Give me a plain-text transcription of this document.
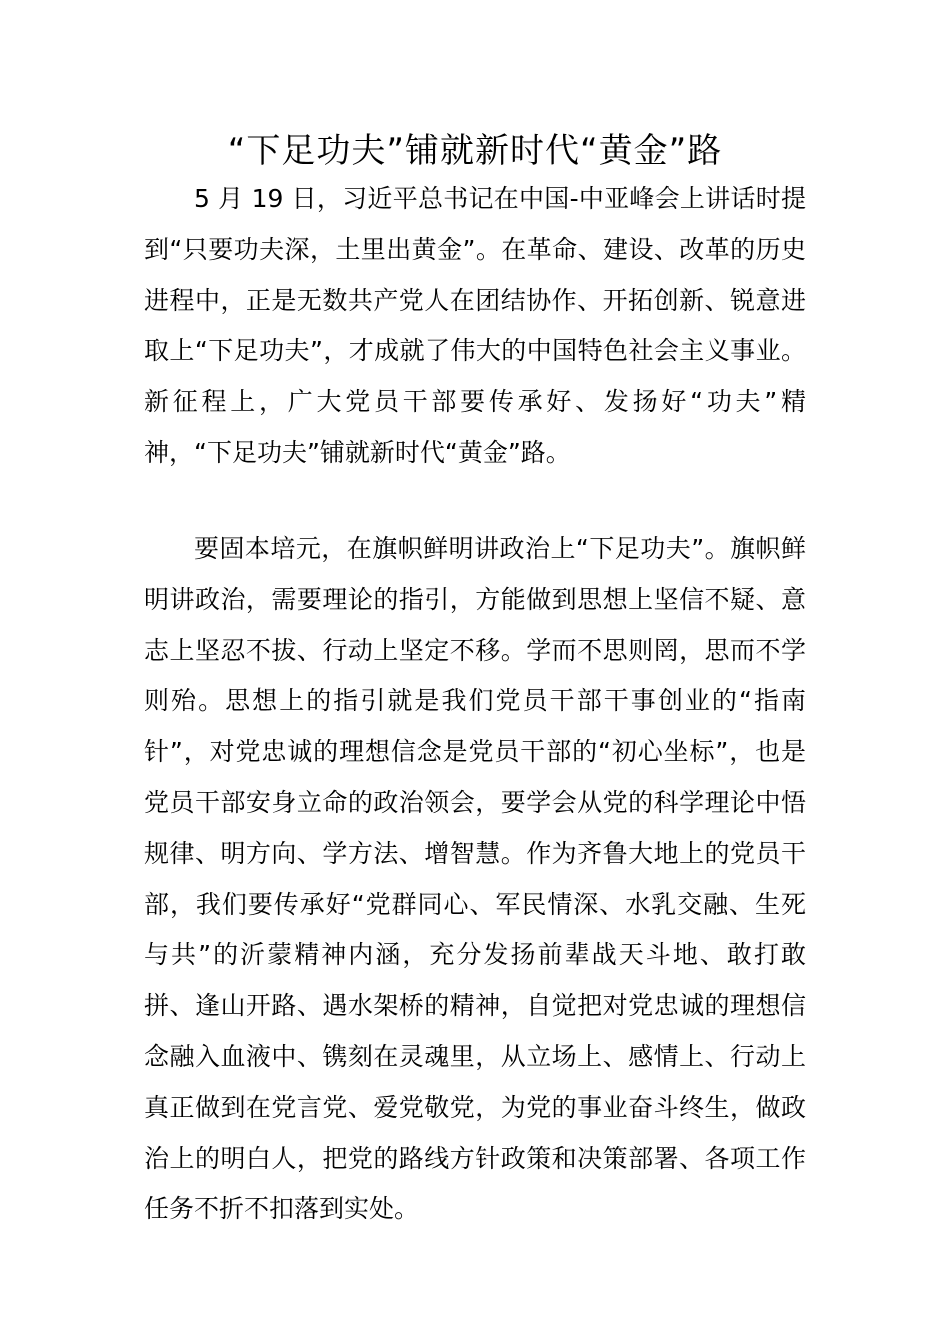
“下足功夫”铺就新时代“黄金”路

5 月 19 日，习近平总书记在中国-中亚峰会上讲话时提到“只要功夫深，土里出黄金”。在革命、建设、改革的历史进程中，正是无数共产党人在团结协作、开拓创新、锐意进取上“下足功夫”，才成就了伟大的中国特色社会主义事业。新征程上，广大党员干部要传承好、发扬好“功夫”精神，“下足功夫”铺就新时代“黄金”路。

要固本培元，在旗帜鲜明讲政治上“下足功夫”。旗帜鲜明讲政治，需要理论的指引，方能做到思想上坚信不疑、意志上坚忍不拔、行动上坚定不移。学而不思则罔，思而不学则殆。思想上的指引就是我们党员干部干事创业的“指南针”，对党忠诚的理想信念是党员干部的“初心坐标”，也是党员干部安身立命的政治领会，要学会从党的科学理论中悟规律、明方向、学方法、增智慧。作为齐鲁大地上的党员干部，我们要传承好“党群同心、军民情深、水乳交融、生死与共”的沂蒙精神内涵，充分发扬前辈战天斗地、敢打敢拼、逢山开路、遇水架桥的精神，自觉把对党忠诚的理想信念融入血液中、镌刻在灵魂里，从立场上、感情上、行动上真正做到在党言党、爱党敬党，为党的事业奋斗终生，做政治上的明白人，把党的路线方针政策和决策部署、各项工作任务不折不扣落到实处。
